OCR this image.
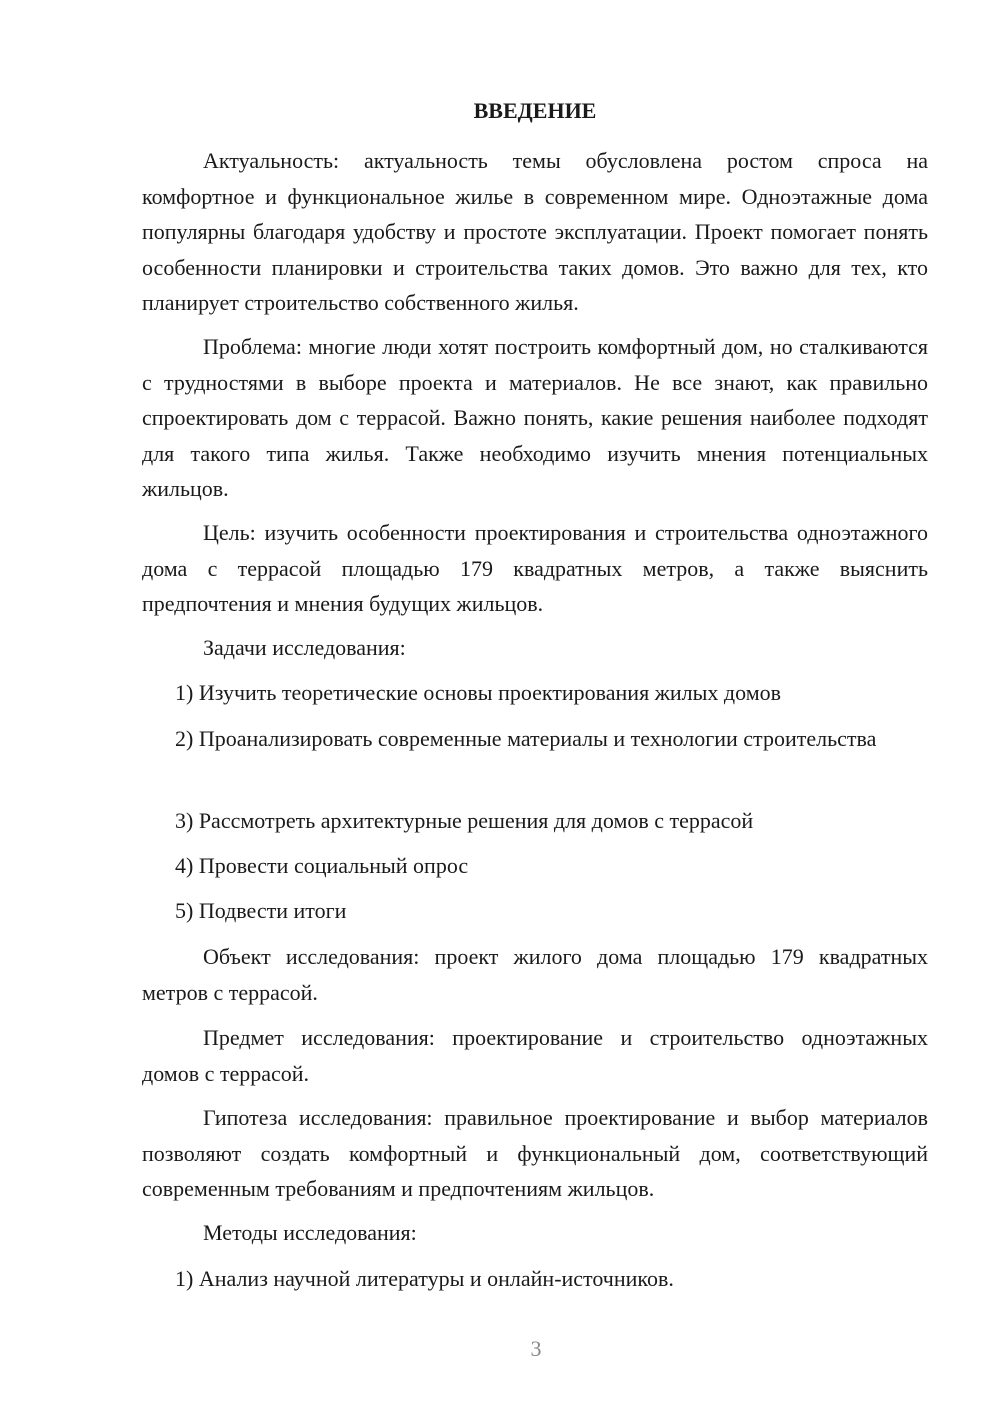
ВВЕДЕНИЕ

Актуальность: актуальность темы обусловлена ростом спроса на комфортное и функциональное жилье в современном мире. Одноэтажные дома популярны благодаря удобству и простоте эксплуатации. Проект помогает понять особенности планировки и строительства таких домов. Это важно для тех, кто планирует строительство собственного жилья.

Проблема: многие люди хотят построить комфортный дом, но сталкиваются с трудностями в выборе проекта и материалов. Не все знают, как правильно спроектировать дом с террасой. Важно понять, какие решения наиболее подходят для такого типа жилья. Также необходимо изучить мнения потенциальных жильцов.

Цель: изучить особенности проектирования и строительства одноэтажного дома с террасой площадью 179 квадратных метров, а также выяснить предпочтения и мнения будущих жильцов.

Задачи исследования:

1) Изучить теоретические основы проектирования жилых домов

2) Проанализировать современные материалы и технологии строительства

3) Рассмотреть архитектурные решения для домов с террасой

4) Провести социальный опрос

5) Подвести итоги

Объект исследования: проект жилого дома площадью 179 квадратных метров с террасой.

Предмет исследования: проектирование и строительство одноэтажных домов с террасой.

Гипотеза исследования: правильное проектирование и выбор материалов позволяют создать комфортный и функциональный дом, соответствующий современным требованиям и предпочтениям жильцов.

Методы исследования:

1) Анализ научной литературы и онлайн-источников.

3
